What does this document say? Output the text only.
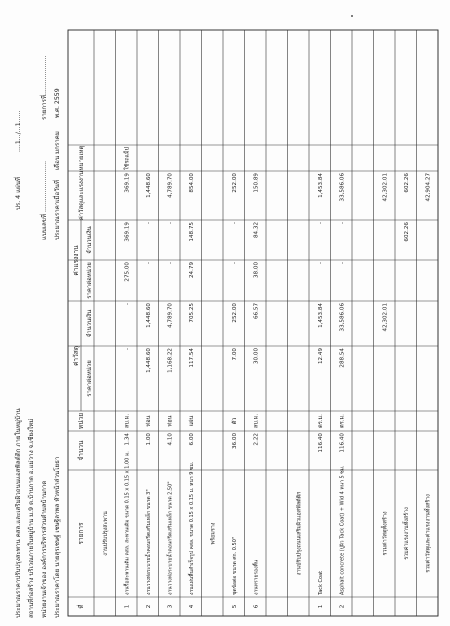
ประมาณราคาปรับปรุงสะพาน คสล.และเสริมผิวถนนแอสฟัลต์ติก ภายในหมู่บ้าน สถานที่ก่อสร้าง บริเวณภายในหมู่บ้าน ม.9 ต.บ้านกาด อ.แม่วาง จ.เชียงใหม่ หน่วยงานเจ้าของ องค์การบริหารส่วนตำบลบ้านกาด ประมาณราคาโดย นายสุรเชษฐ์ เชษฐิลาพล หัวหน้าส่วนโยธา
ปร. 4 แผ่นที่
....1.../...1......
แบบเลขที่
..........................
รายการที่
....................
ประมาณราคาเมื่อวันที่
เดือน มกราคม
พ.ศ. 2559
ที่
รายการ
จำนวน
หน่วย
ค่าวัสดุ
ค่าแรงงาน
ราคาต่อหน่วย
จำนวนเงิน
ราคาต่อหน่วย
จำนวนเงิน
ค่าวัสดุและแรงงาน
หมายเหตุ
งานปรับปรุงสะพาน
1
งานรื้อสะพานเดิม คสล. สะพานเดิม ขนาด 0.15 x 0.15 x 1.00 ม.
1.34
ลบ.ม.
-
-
275.00
369.19
369.19
ใช้รถแม็ป
2
งานวางท่อระบายน้ำคอนกรีตเสริมเหล็ก ขนาด 3"
1.00
ท่อน
1,448.60
1,448.60
-
-
1,448.60
3
งานวางท่อระบายน้ำคอนกรีตเสริมเหล็ก ขนาด 2.50"
4.10
ท่อน
1,168.22
4,789.70
-
-
4,789.70
4
งานแผ่นพื้นสำเร็จรูป คสล. ขนาด 0.15 x 0.15 ม. หนา 9 ซม.
6.00
แผ่น
117.54
705.25
24.79
148.75
854.00
พร้อมราง
5
ชุดข้อต่อ ขนาด ศก. 0.50"
36.00
ตัว
7.00
252.00
-
-
252.00
6
งานทรายรองพื้น
2.22
ลบ.ม.
30.00
66.57
38.00
84.32
150.89
งานปรับปรุงถนนเสริมผิวแอสฟัลต์ติก
1
Tack Coat
116.40
ตร.ม.
12.49
1,453.84
-
-
1,453.84
2
Asphalt concrete (ปูผิว Tack Coat) + Wid 4 หนา 5 ซม.
116.40
ตร.ม.
288.54
33,586.06
-
-
33,586.06
รวมค่าวัสดุทั้งสร้าง
42,302.01
42,302.01
รวมค่าแรงงานทั้งสร้าง
602.26
602.26
รวมค่าวัสดุและค่าแรงงานทั้งสร้าง
42,904.27
